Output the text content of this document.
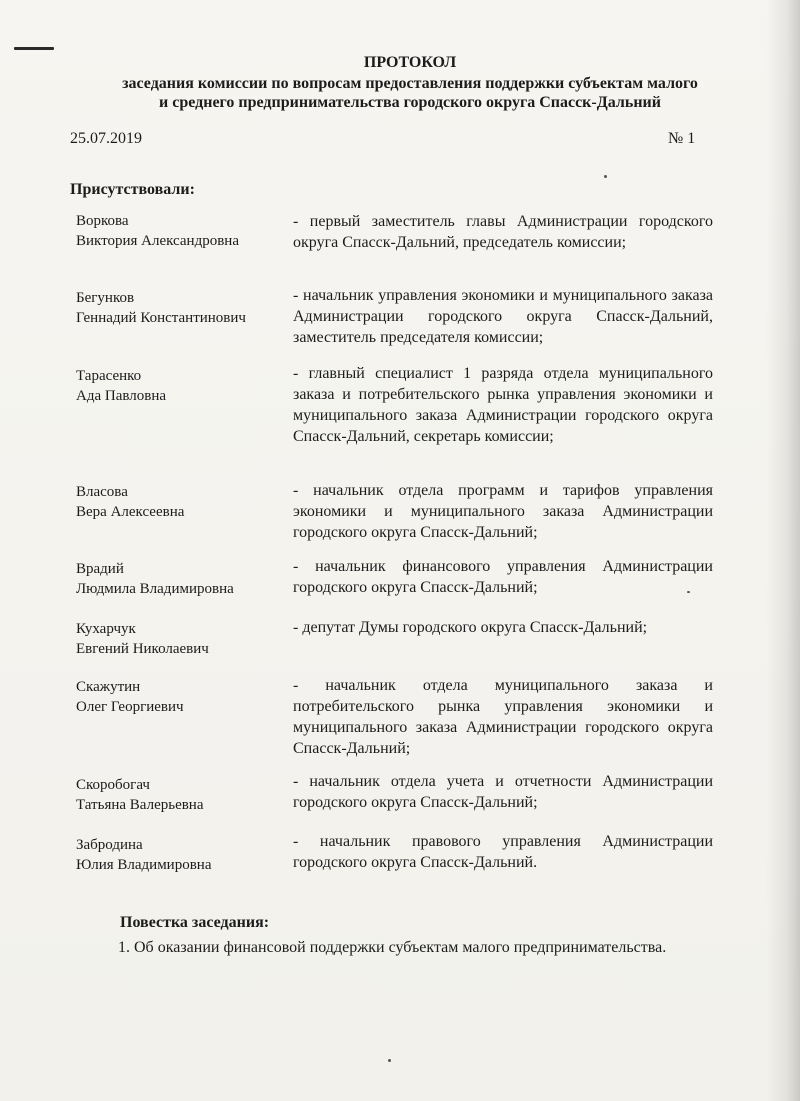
ПРОТОКОЛ
заседания комиссии по вопросам предоставления поддержки субъектам малого
и среднего предпринимательства городского округа Спасск-Дальний
25.07.2019	№ 1
Присутствовали:
Воркова
Виктория Александровна
- первый заместитель главы Администрации городского округа Спасск-Дальний, председатель комиссии;
Бегунков
Геннадий Константинович
- начальник управления экономики и муниципального заказа Администрации городского округа Спасск-Дальний, заместитель председателя комиссии;
Тарасенко
Ада Павловна
- главный специалист 1 разряда отдела муниципального заказа и потребительского рынка управления экономики и муниципального заказа Администрации городского округа Спасск-Дальний, секретарь комиссии;
Власова
Вера Алексеевна
- начальник отдела программ и тарифов управления экономики и муниципального заказа Администрации городского округа Спасск-Дальний;
Врадий
Людмила Владимировна
- начальник финансового управления Администрации городского округа Спасск-Дальний;
Кухарчук
Евгений Николаевич
- депутат Думы городского округа Спасск-Дальний;
Скажутин
Олег Георгиевич
- начальник отдела муниципального заказа и потребительского рынка управления экономики и муниципального заказа Администрации городского округа Спасск-Дальний;
Скоробогач
Татьяна Валерьевна
- начальник отдела учета и отчетности Администрации городского округа Спасск-Дальний;
Забродина
Юлия Владимировна
- начальник правового управления Администрации городского округа Спасск-Дальний.
Повестка заседания:
1. Об оказании финансовой поддержки субъектам малого предпринимательства.
